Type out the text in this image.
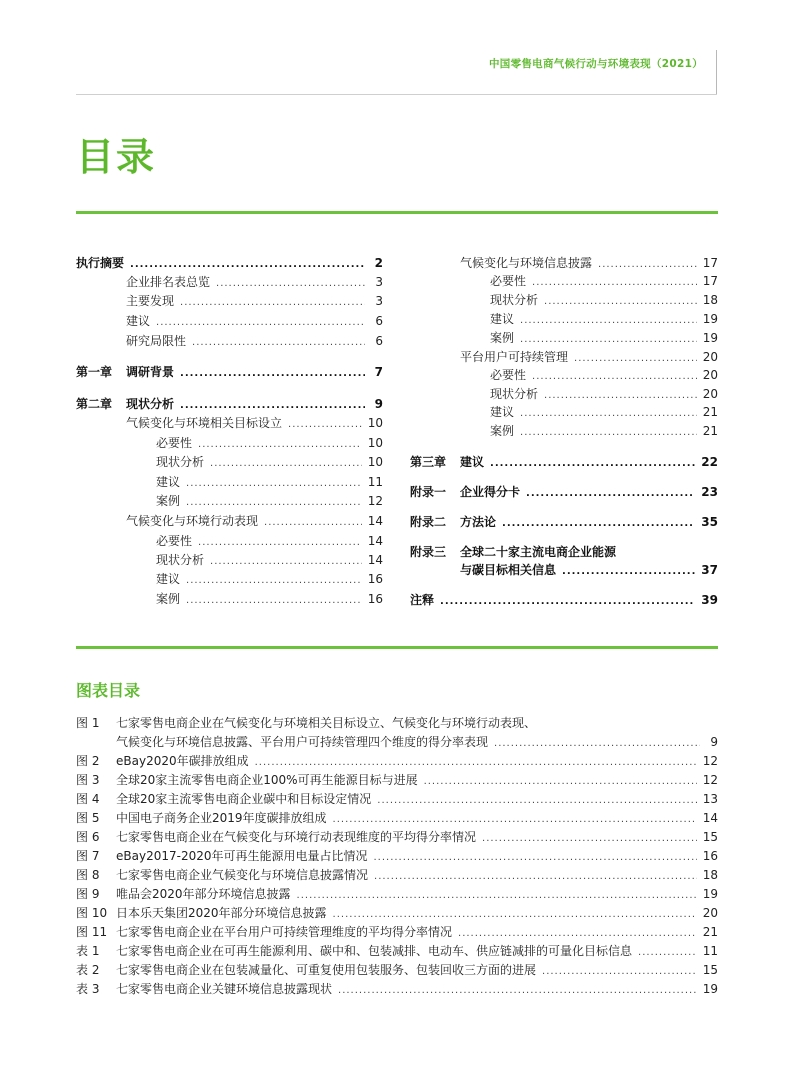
中国零售电商气候行动与环境表现（2021）
目录
执行摘要 .....	2
企业排名表总览 .....	3
主要发现 .....	3
建议 .....	6
研究局限性 .....	6
第一章 调研背景 .....	7
第二章 现状分析 .....	9
气候变化与环境相关目标设立 .....	10
必要性 .....	10
现状分析 .....	10
建议 .....	11
案例 .....	12
气候变化与环境行动表现 .....	14
必要性 .....	14
现状分析 .....	14
建议 .....	16
案例 .....	16
气候变化与环境信息披露 .....	17
必要性 .....	17
现状分析 .....	18
建议 .....	19
案例 .....	19
平台用户可持续管理 .....	20
必要性 .....	20
现状分析 .....	20
建议 .....	21
案例 .....	21
第三章 建议 .....	22
附录一 企业得分卡 .....	23
附录二 方法论 .....	35
附录三 全球二十家主流电商企业能源
与碳目标相关信息 .....	37
注释 .....	39
图表目录
图 1	七家零售电商企业在气候变化与环境相关目标设立、气候变化与环境行动表现、
气候变化与环境信息披露、平台用户可持续管理四个维度的得分率表现 .....	9
图 2	eBay2020年碳排放组成 .....	12
图 3	全球20家主流零售电商企业100%可再生能源目标与进展 .....	12
图 4	全球20家主流零售电商企业碳中和目标设定情况 .....	13
图 5	中国电子商务企业2019年度碳排放组成 .....	14
图 6	七家零售电商企业在气候变化与环境行动表现维度的平均得分率情况 .....	15
图 7	eBay2017-2020年可再生能源用电量占比情况 .....	16
图 8	七家零售电商企业气候变化与环境信息披露情况 .....	18
图 9	唯品会2020年部分环境信息披露 .....	19
图 10 日本乐天集团2020年部分环境信息披露 .....	20
图 11 七家零售电商企业在平台用户可持续管理维度的平均得分率情况 .....	21
表 1	七家零售电商企业在可再生能源利用、碳中和、包装减排、电动车、供应链减排的可量化目标信息 .....	11
表 2	七家零售电商企业在包装减量化、可重复使用包装服务、包装回收三方面的进展 .....	15
表 3	七家零售电商企业关键环境信息披露现状 .....	19
